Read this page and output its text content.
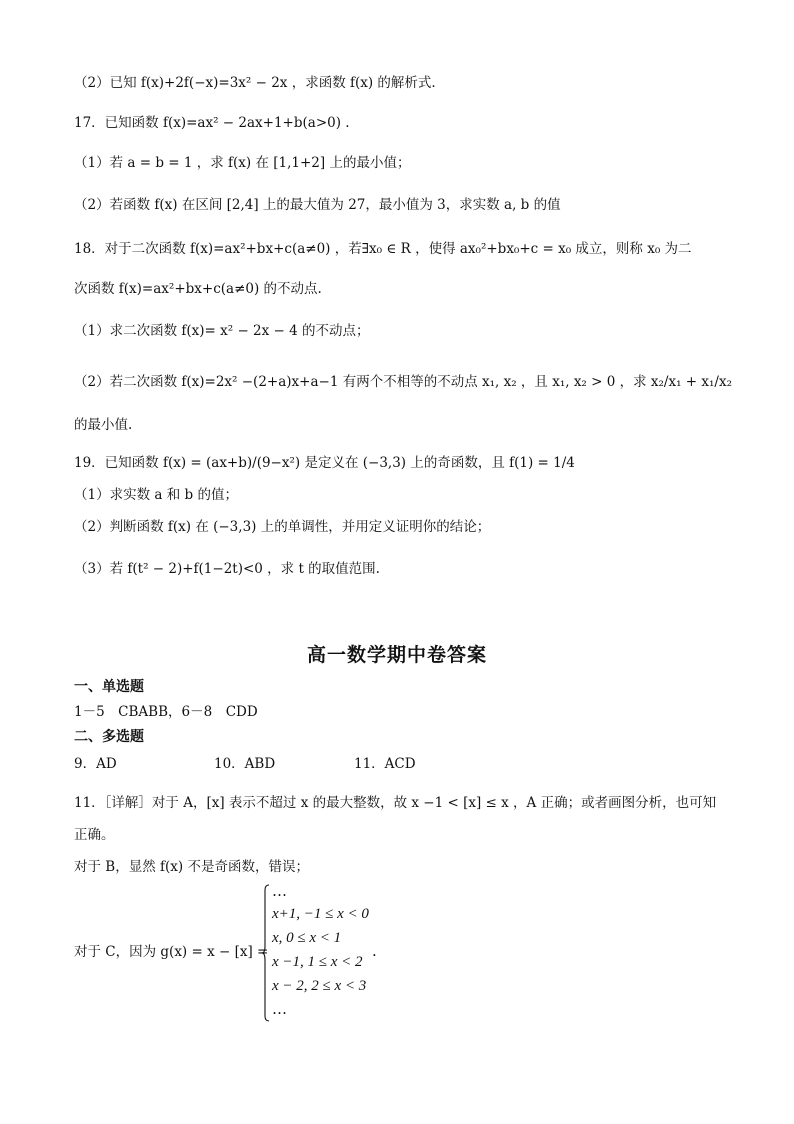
（2）已知 f(x)+2f(−x)=3x² − 2x ，求函数 f(x) 的解析式.
17．已知函数 f(x)=ax² − 2ax+1+b(a>0) .
（1）若 a = b = 1 ，求 f(x) 在 [1,1+2] 上的最小值；
（2）若函数 f(x) 在区间 [2,4] 上的最大值为 27，最小值为 3，求实数 a, b 的值
18．对于二次函数 f(x)=ax²+bx+c(a≠0) ，若∃x₀ ∈ R ，使得 ax₀²+bx₀+c = x₀ 成立，则称 x₀ 为二
次函数 f(x)=ax²+bx+c(a≠0) 的不动点.
（1）求二次函数 f(x)= x² − 2x − 4 的不动点；
（2）若二次函数 f(x)=2x² −(2+a)x+a−1 有两个不相等的不动点 x₁, x₂ ，且 x₁, x₂ > 0 ，求 x₂/x₁ + x₁/x₂
的最小值.
19．已知函数 f(x) = (ax+b)/(9−x²) 是定义在 (−3,3) 上的奇函数，且 f(1) = 1/4
（1）求实数 a 和 b 的值；
（2）判断函数 f(x) 在 (−3,3) 上的单调性，并用定义证明你的结论；
（3）若 f(t² − 2)+f(1−2t)<0 ，求 t 的取值范围.
高一数学期中卷答案
一、单选题
1－5　CBABB，6－8　CDD
二、多选题
9．AD	10．ABD	11．ACD
11．［详解］对于 A，[x] 表示不超过 x 的最大整数，故 x −1 < [x] ≤ x ，A 正确；或者画图分析，也可知
正确。
对于 B，显然 f(x) 不是奇函数，错误；
对于 C，因为 g(x) = x − [x] =
…
x+1, −1 ≤ x < 0
x, 0 ≤ x < 1
x −1, 1 ≤ x < 2
x − 2, 2 ≤ x < 3
…
.
